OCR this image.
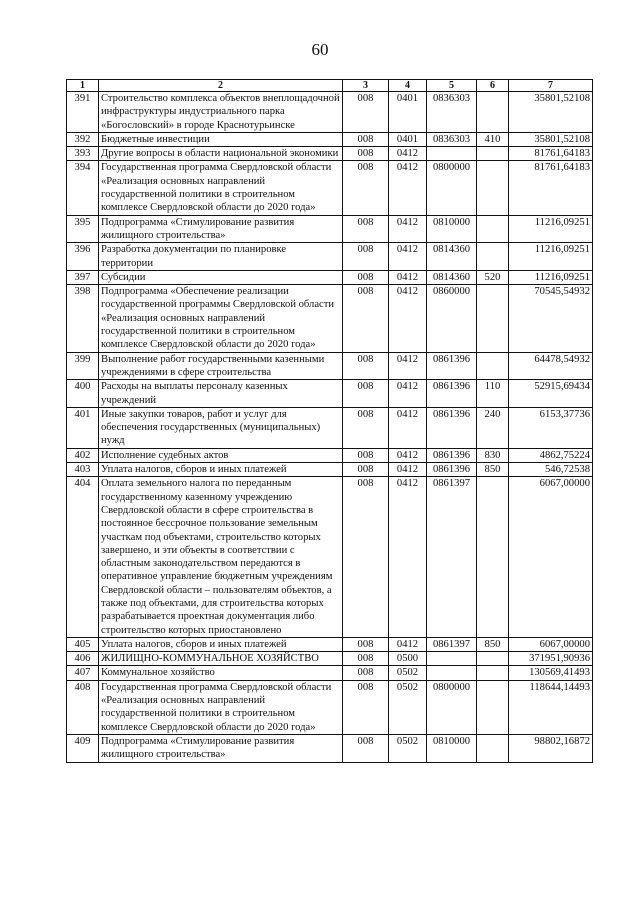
60
1	2	3	4	5	6	7
391	Строительство комплекса объектов внеплощадочной инфраструктуры индустриального парка «Богословский» в городе Краснотурьинске	008	0401	0836303		35801,52108
392	Бюджетные инвестиции	008	0401	0836303	410	35801,52108
393	Другие вопросы в области национальной экономики	008	0412			81761,64183
394	Государственная программа Свердловской области «Реализация основных направлений государственной политики в строительном комплексе Свердловской области до 2020 года»	008	0412	0800000		81761,64183
395	Подпрограмма «Стимулирование развития жилищного строительства»	008	0412	0810000		11216,09251
396	Разработка документации по планировке территории	008	0412	0814360		11216,09251
397	Субсидии	008	0412	0814360	520	11216,09251
398	Подпрограмма «Обеспечение реализации государственной программы Свердловской области «Реализация основных направлений государственной политики в строительном комплексе Свердловской области до 2020 года»	008	0412	0860000		70545,54932
399	Выполнение работ государственными казенными учреждениями в сфере строительства	008	0412	0861396		64478,54932
400	Расходы на выплаты персоналу казенных учреждений	008	0412	0861396	110	52915,69434
401	Иные закупки товаров, работ и услуг для обеспечения государственных (муниципальных) нужд	008	0412	0861396	240	6153,37736
402	Исполнение судебных актов	008	0412	0861396	830	4862,75224
403	Уплата налогов, сборов и иных платежей	008	0412	0861396	850	546,72538
404	Оплата земельного налога по переданным государственному казенному учреждению Свердловской области в сфере строительства в постоянное бессрочное пользование земельным участкам под объектами, строительство которых завершено, и эти объекты в соответствии с областным законодательством передаются в оперативное управление бюджетным учреждениям Свердловской области – пользователям объектов, а также под объектами, для строительства которых разрабатывается проектная документация либо строительство которых приостановлено	008	0412	0861397		6067,00000
405	Уплата налогов, сборов и иных платежей	008	0412	0861397	850	6067,00000
406	ЖИЛИЩНО-КОММУНАЛЬНОЕ ХОЗЯЙСТВО	008	0500			371951,90936
407	Коммунальное хозяйство	008	0502			130569,41493
408	Государственная программа Свердловской области «Реализация основных направлений государственной политики в строительном комплексе Свердловской области до 2020 года»	008	0502	0800000		118644,14493
409	Подпрограмма «Стимулирование развития жилищного строительства»	008	0502	0810000		98802,16872
